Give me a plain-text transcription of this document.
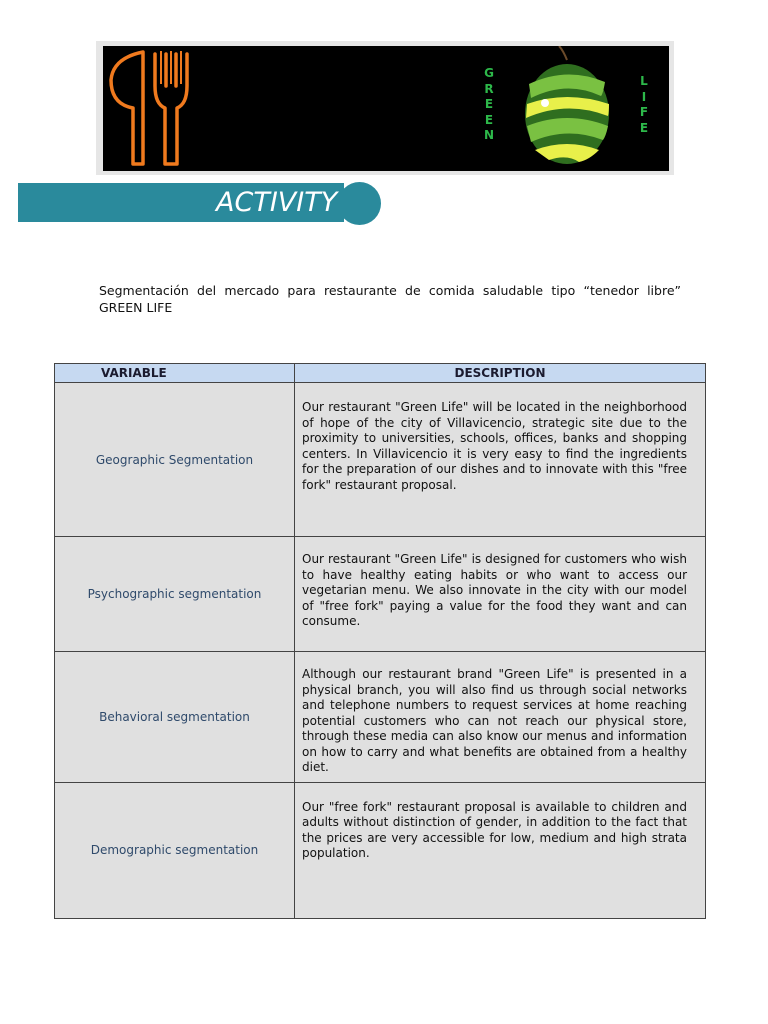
G
R
E
E
N
L
I
F
E
ACTIVITY
Segmentación del mercado para restaurante de comida saludable tipo “tenedor libre” GREEN LIFE
VARIABLE	DESCRIPTION
Geographic Segmentation	Our restaurant "Green Life" will be located in the neighborhood of hope of the city of Villavicencio, strategic site due to the proximity to universities, schools, offices, banks and shopping centers. In Villavicencio it is very easy to find the ingredients for the preparation of our dishes and to innovate with this "free fork" restaurant proposal.
Psychographic segmentation	Our restaurant "Green Life" is designed for customers who wish to have healthy eating habits or who want to access our vegetarian menu. We also innovate in the city with our model of "free fork" paying a value for the food they want and can consume.
Behavioral segmentation	Although our restaurant brand "Green Life" is presented in a physical branch, you will also find us through social networks and telephone numbers to request services at home reaching potential customers who can not reach our physical store, through these media can also know our menus and information on how to carry and what benefits are obtained from a healthy diet.
Demographic segmentation	Our "free fork" restaurant proposal is available to children and adults without distinction of gender, in addition to the fact that the prices are very accessible for low, medium and high strata population.
